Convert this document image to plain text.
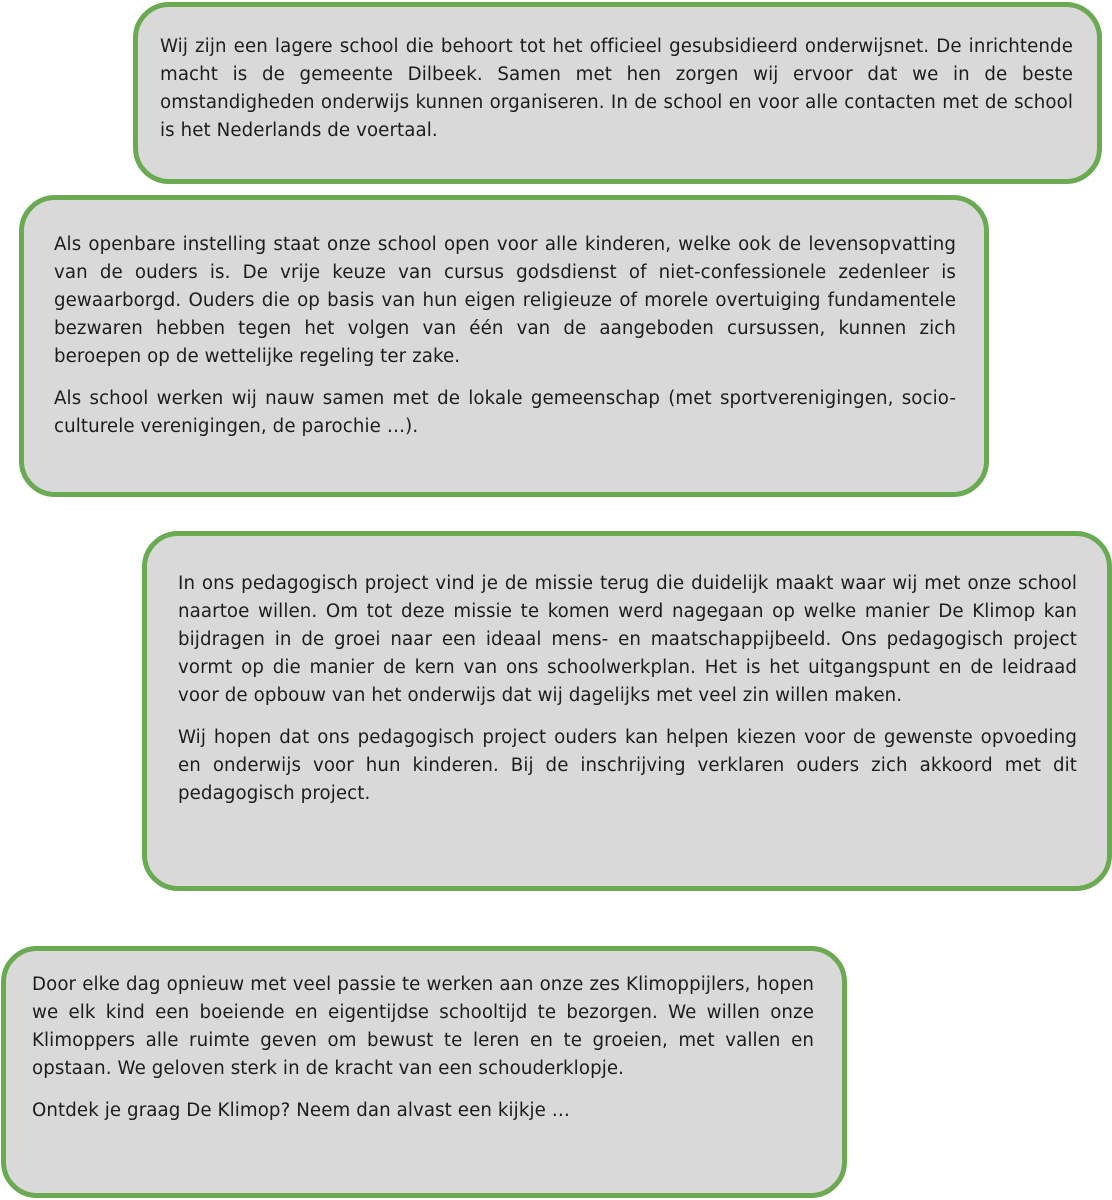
Wij zijn een lagere school die behoort tot het officieel gesubsidieerd onderwijsnet. De inrichtende macht is de gemeente Dilbeek. Samen met hen zorgen wij ervoor dat we in de beste omstandigheden onderwijs kunnen organiseren. In de school en voor alle contacten met de school is het Nederlands de voertaal.

Als openbare instelling staat onze school open voor alle kinderen, welke ook de levensopvatting van de ouders is. De vrije keuze van cursus godsdienst of niet-confessionele zedenleer is gewaarborgd. Ouders die op basis van hun eigen religieuze of morele overtuiging fundamentele bezwaren hebben tegen het volgen van één van de aangeboden cursussen, kunnen zich beroepen op de wettelijke regeling ter zake.

Als school werken wij nauw samen met de lokale gemeenschap (met sportverenigingen, socio-culturele verenigingen, de parochie …).

In ons pedagogisch project vind je de missie terug die duidelijk maakt waar wij met onze school naartoe willen. Om tot deze missie te komen werd nagegaan op welke manier De Klimop kan bijdragen in de groei naar een ideaal mens- en maatschappijbeeld. Ons pedagogisch project vormt op die manier de kern van ons schoolwerkplan. Het is het uitgangspunt en de leidraad voor de opbouw van het onderwijs dat wij dagelijks met veel zin willen maken.

Wij hopen dat ons pedagogisch project ouders kan helpen kiezen voor de gewenste opvoeding en onderwijs voor hun kinderen. Bij de inschrijving verklaren ouders zich akkoord met dit pedagogisch project.

Door elke dag opnieuw met veel passie te werken aan onze zes Klimoppijlers, hopen we elk kind een boeiende en eigentijdse schooltijd te bezorgen. We willen onze Klimoppers alle ruimte geven om bewust te leren en te groeien, met vallen en opstaan. We geloven sterk in de kracht van een schouderklopje.

Ontdek je graag De Klimop? Neem dan alvast een kijkje …
